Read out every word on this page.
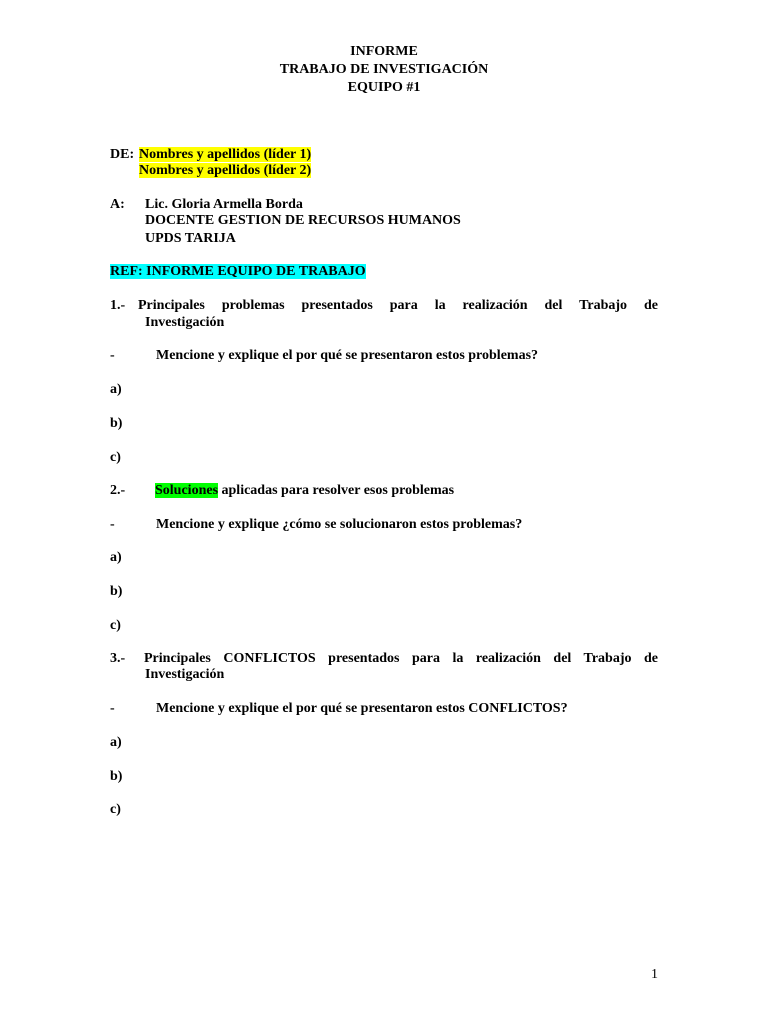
INFORME
TRABAJO DE INVESTIGACIÓN
EQUIPO #1
DE: Nombres y apellidos (líder 1)
Nombres y apellidos (líder 2)
A: Lic. Gloria Armella Borda
DOCENTE GESTION DE RECURSOS HUMANOS
UPDS TARIJA
REF: INFORME EQUIPO DE TRABAJO
1.- Principales problemas presentados para la realización del Trabajo de
Investigación
-	Mencione y explique el por qué se presentaron estos problemas?
a)
b)
c)
2.- Soluciones aplicadas para resolver esos problemas
-	Mencione y explique ¿cómo se solucionaron estos problemas?
a)
b)
c)
3.- Principales CONFLICTOS presentados para la realización del Trabajo de
Investigación
-	Mencione y explique el por qué se presentaron estos CONFLICTOS?
a)
b)
c)
1
